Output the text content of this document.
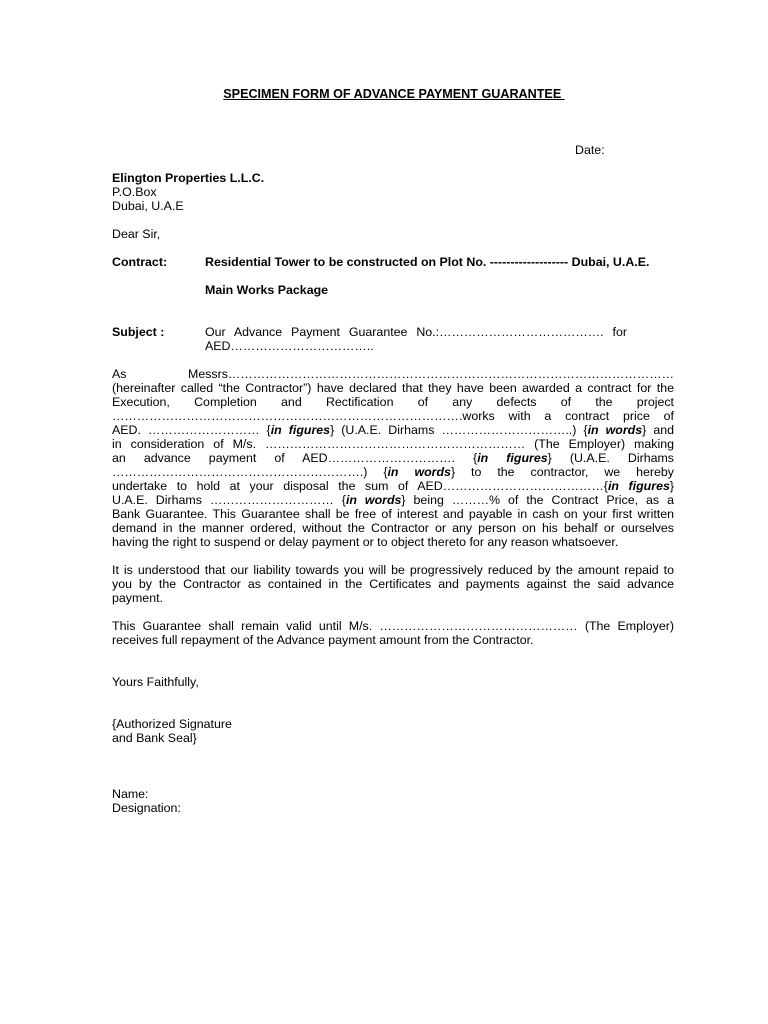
SPECIMEN FORM OF ADVANCE PAYMENT GUARANTEE
Date:
Elington Properties L.L.C.
P.O.Box
Dubai, U.A.E
Dear Sir,
Contract:	Residential Tower to be constructed on Plot No. ------------------- Dubai, U.A.E.
Main Works Package
Subject :	Our Advance Payment Guarantee No.:…………………………………. for
AED……………………………..
As Messrs………………………………………………………………………………………………
(hereinafter called “the Contractor”) have declared that they have been awarded a contract for the
Execution, Completion and Rectification of any defects of the project
………………………………………………………………………….works with a contract price of
AED. ……………………… {in figures} (U.A.E. Dirhams …………………………..) {in words} and
in consideration of M/s. ……………………………………………………… (The Employer) making
an advance payment of AED…………………………. {in figures} (U.A.E. Dirhams
…………………………………………………….) {in words} to the contractor, we hereby
undertake to hold at your disposal the sum of AED…………………………………{in figures}
U.A.E. Dirhams ………………………… {in words} being ………% of the Contract Price, as a
Bank Guarantee. This Guarantee shall be free of interest and payable in cash on your first written
demand in the manner ordered, without the Contractor or any person on his behalf or ourselves
having the right to suspend or delay payment or to object thereto for any reason whatsoever.
It is understood that our liability towards you will be progressively reduced by the amount repaid to
you by the Contractor as contained in the Certificates and payments against the said advance
payment.
This Guarantee shall remain valid until M/s. ………………………………………… (The Employer)
receives full repayment of the Advance payment amount from the Contractor.
Yours Faithfully,
{Authorized Signature
and Bank Seal}
Name:
Designation:
